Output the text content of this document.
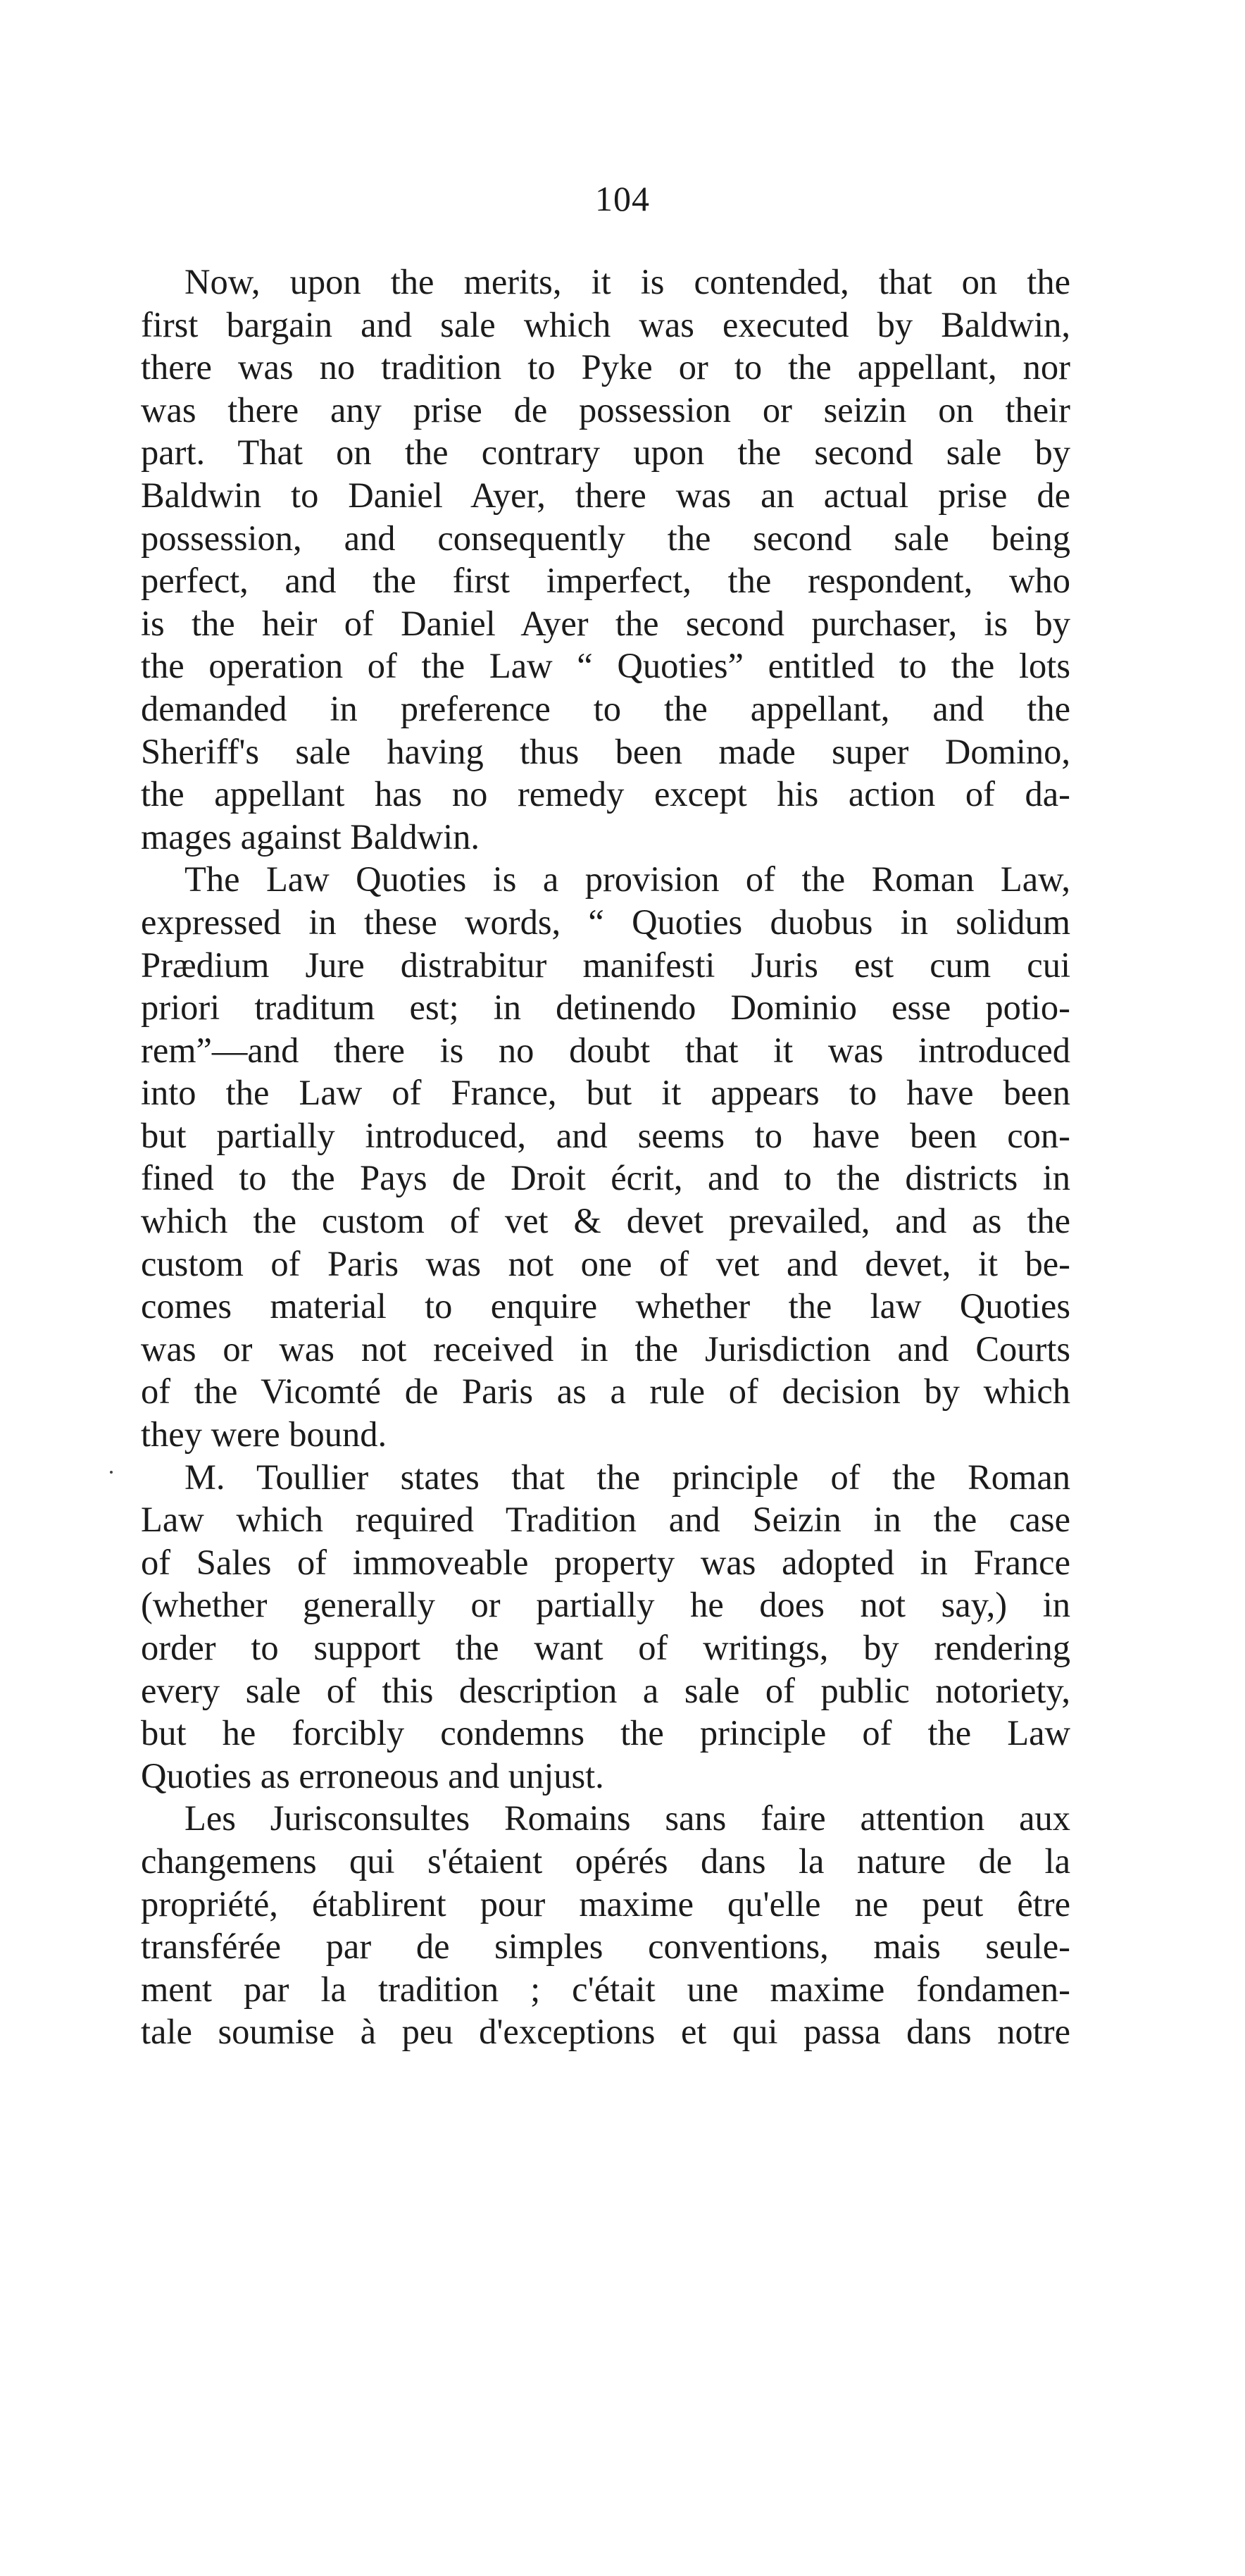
104
Now, upon the merits, it is contended, that on the
first bargain and sale which was executed by Baldwin,
there was no tradition to Pyke or to the appellant, nor
was there any prise de possession or seizin on their
part. That on the contrary upon the second sale by
Baldwin to Daniel Ayer, there was an actual prise de
possession, and consequently the second sale being
perfect, and the first imperfect, the respondent, who
is the heir of Daniel Ayer the second purchaser, is by
the operation of the Law “ Quoties” entitled to the lots
demanded in preference to the appellant, and the
Sheriff's sale having thus been made super Domino,
the appellant has no remedy except his action of da-
mages against Baldwin.
The Law Quoties is a provision of the Roman Law,
expressed in these words, “ Quoties duobus in solidum
Prædium Jure distrabitur manifesti Juris est cum cui
priori traditum est; in detinendo Dominio esse potio-
rem”—and there is no doubt that it was introduced
into the Law of France, but it appears to have been
but partially introduced, and seems to have been con-
fined to the Pays de Droit écrit, and to the districts in
which the custom of vet & devet prevailed, and as the
custom of Paris was not one of vet and devet, it be-
comes material to enquire whether the law Quoties
was or was not received in the Jurisdiction and Courts
of the Vicomté de Paris as a rule of decision by which
they were bound.
M. Toullier states that the principle of the Roman
Law which required Tradition and Seizin in the case
of Sales of immoveable property was adopted in France
(whether generally or partially he does not say,) in
order to support the want of writings, by rendering
every sale of this description a sale of public notoriety,
but he forcibly condemns the principle of the Law
Quoties as erroneous and unjust.
Les Jurisconsultes Romains sans faire attention aux
changemens qui s'étaient opérés dans la nature de la
propriété, établirent pour maxime qu'elle ne peut être
transférée par de simples conventions, mais seule-
ment par la tradition ; c'était une maxime fondamen-
tale soumise à peu d'exceptions et qui passa dans notre
